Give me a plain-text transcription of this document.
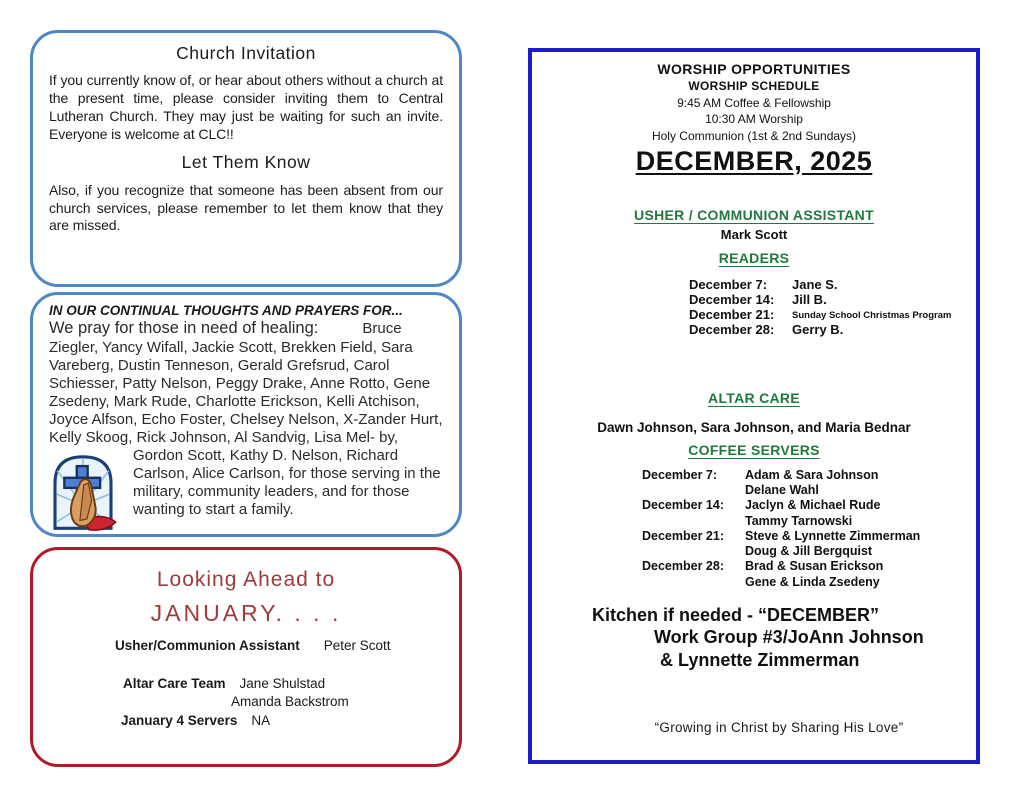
Church Invitation
If you currently know of, or hear about others without a church at the present time, please consider inviting them to Central Lutheran Church. They may just be waiting for such an invite. Everyone is welcome at CLC!!
Let Them Know
Also, if you recognize that someone has been absent from our church services, please remember to let them know that they are missed.
IN OUR CONTINUAL THOUGHTS AND PRAYERS FOR...
We pray for those in need of healing:	Bruce Ziegler, Yancy Wifall, Jackie Scott, Brekken Field, Sara Vareberg, Dustin Tenneson, Gerald Grefsrud, Carol Schiesser, Patty Nelson, Peggy Drake, Anne Rotto, Gene Zsedeny, Mark Rude, Charlotte Erickson, Kelli Atchison, Joyce Alfson, Echo Foster, Chelsey Nelson, X-Zander Hurt, Kelly Skoog, Rick Johnson, Al Sandvig, Lisa Mel- by, Gordon Scott, Kathy D. Nelson, Richard Carlson, Alice Carlson, for those serving in the military, community leaders, and for those wanting to start a family.
Looking Ahead to
JANUARY. . . .
Usher/Communion Assistant Peter Scott
Altar Care Team Jane Shulstad
Amanda Backstrom
January 4 Servers NA
WORSHIP OPPORTUNITIES
WORSHIP SCHEDULE
9:45 AM Coffee & Fellowship
10:30 AM Worship
Holy Communion (1st & 2nd Sundays)
DECEMBER, 2025
USHER / COMMUNION ASSISTANT
Mark Scott
READERS
December 7:	Jane S.
December 14:	Jill B.
December 21:	Sunday School Christmas Program
December 28:	Gerry B.
ALTAR CARE
Dawn Johnson, Sara Johnson, and Maria Bednar
COFFEE SERVERS
December 7:	Adam & Sara Johnson
Delane Wahl
December 14:	Jaclyn & Michael Rude
Tammy Tarnowski
December 21:	Steve & Lynnette Zimmerman
Doug & Jill Bergquist
December 28:	Brad & Susan Erickson
Gene & Linda Zsedeny
Kitchen if needed - “DECEMBER”
Work Group #3/JoAnn Johnson
& Lynnette Zimmerman
“Growing in Christ by Sharing His Love”
